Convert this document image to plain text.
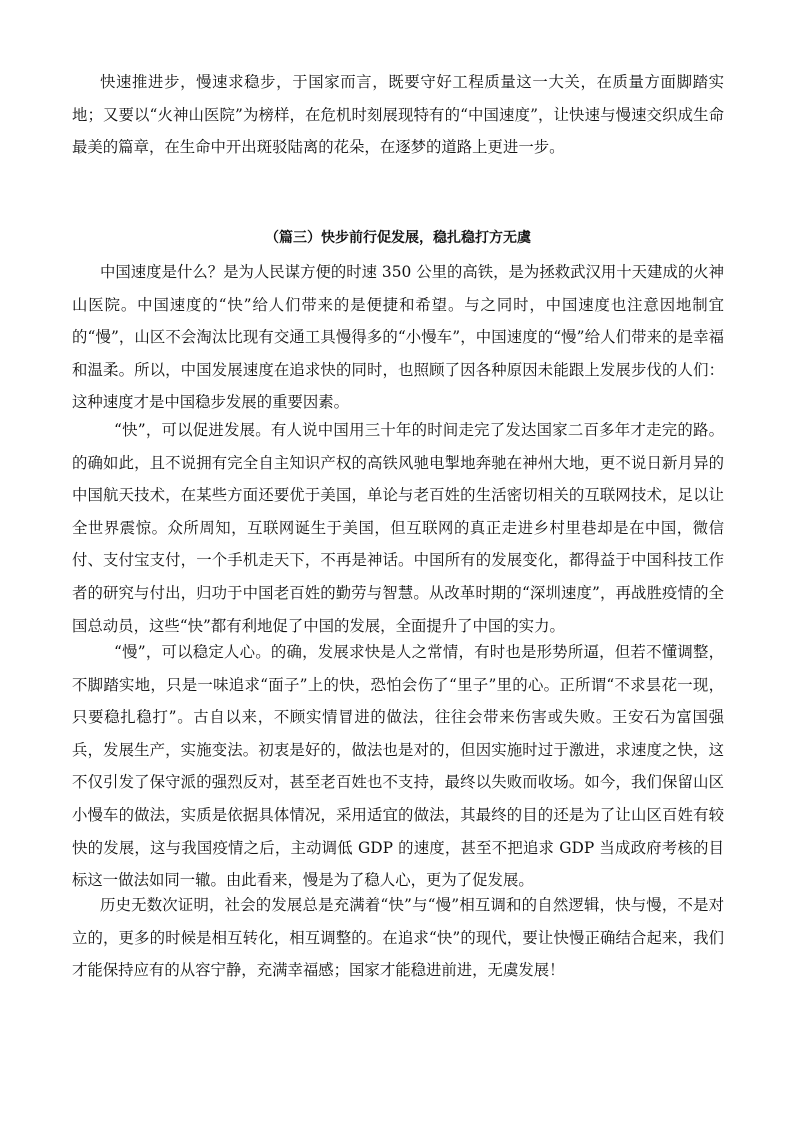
快速推进步，慢速求稳步，于国家而言，既要守好工程质量这一大关，在质量方面脚踏实地；又要以“火神山医院”为榜样，在危机时刻展现特有的“中国速度”，让快速与慢速交织成生命最美的篇章，在生命中开出斑驳陆离的花朵，在逐梦的道路上更进一步。

（篇三）快步前行促发展，稳扎稳打方无虞

中国速度是什么？是为人民谋方便的时速 350 公里的高铁，是为拯救武汉用十天建成的火神山医院。中国速度的“快”给人们带来的是便捷和希望。与之同时，中国速度也注意因地制宜的“慢”，山区不会淘汰比现有交通工具慢得多的“小慢车”，中国速度的“慢”给人们带来的是幸福和温柔。所以，中国发展速度在追求快的同时，也照顾了因各种原因未能跟上发展步伐的人们：这种速度才是中国稳步发展的重要因素。

“快”，可以促进发展。有人说中国用三十年的时间走完了发达国家二百多年才走完的路。的确如此，且不说拥有完全自主知识产权的高铁风驰电掣地奔驰在神州大地，更不说日新月异的中国航天技术，在某些方面还要优于美国，单论与老百姓的生活密切相关的互联网技术，足以让全世界震惊。众所周知，互联网诞生于美国，但互联网的真正走进乡村里巷却是在中国，微信付、支付宝支付，一个手机走天下，不再是神话。中国所有的发展变化，都得益于中国科技工作者的研究与付出，归功于中国老百姓的勤劳与智慧。从改革时期的“深圳速度”，再战胜疫情的全国总动员，这些“快”都有利地促了中国的发展，全面提升了中国的实力。

“慢”，可以稳定人心。的确，发展求快是人之常情，有时也是形势所逼，但若不懂调整，不脚踏实地，只是一味追求“面子”上的快，恐怕会伤了“里子”里的心。正所谓“不求昙花一现，只要稳扎稳打”。古自以来，不顾实情冒进的做法，往往会带来伤害或失败。王安石为富国强兵，发展生产，实施变法。初衷是好的，做法也是对的，但因实施时过于激进，求速度之快，这不仅引发了保守派的强烈反对，甚至老百姓也不支持，最终以失败而收场。如今，我们保留山区小慢车的做法，实质是依据具体情况，采用适宜的做法，其最终的目的还是为了让山区百姓有较快的发展，这与我国疫情之后，主动调低 GDP 的速度，甚至不把追求 GDP 当成政府考核的目标这一做法如同一辙。由此看来，慢是为了稳人心，更为了促发展。

历史无数次证明，社会的发展总是充满着“快”与“慢”相互调和的自然逻辑，快与慢，不是对立的，更多的时候是相互转化，相互调整的。在追求“快”的现代，要让快慢正确结合起来，我们才能保持应有的从容宁静，充满幸福感；国家才能稳进前进，无虞发展！
